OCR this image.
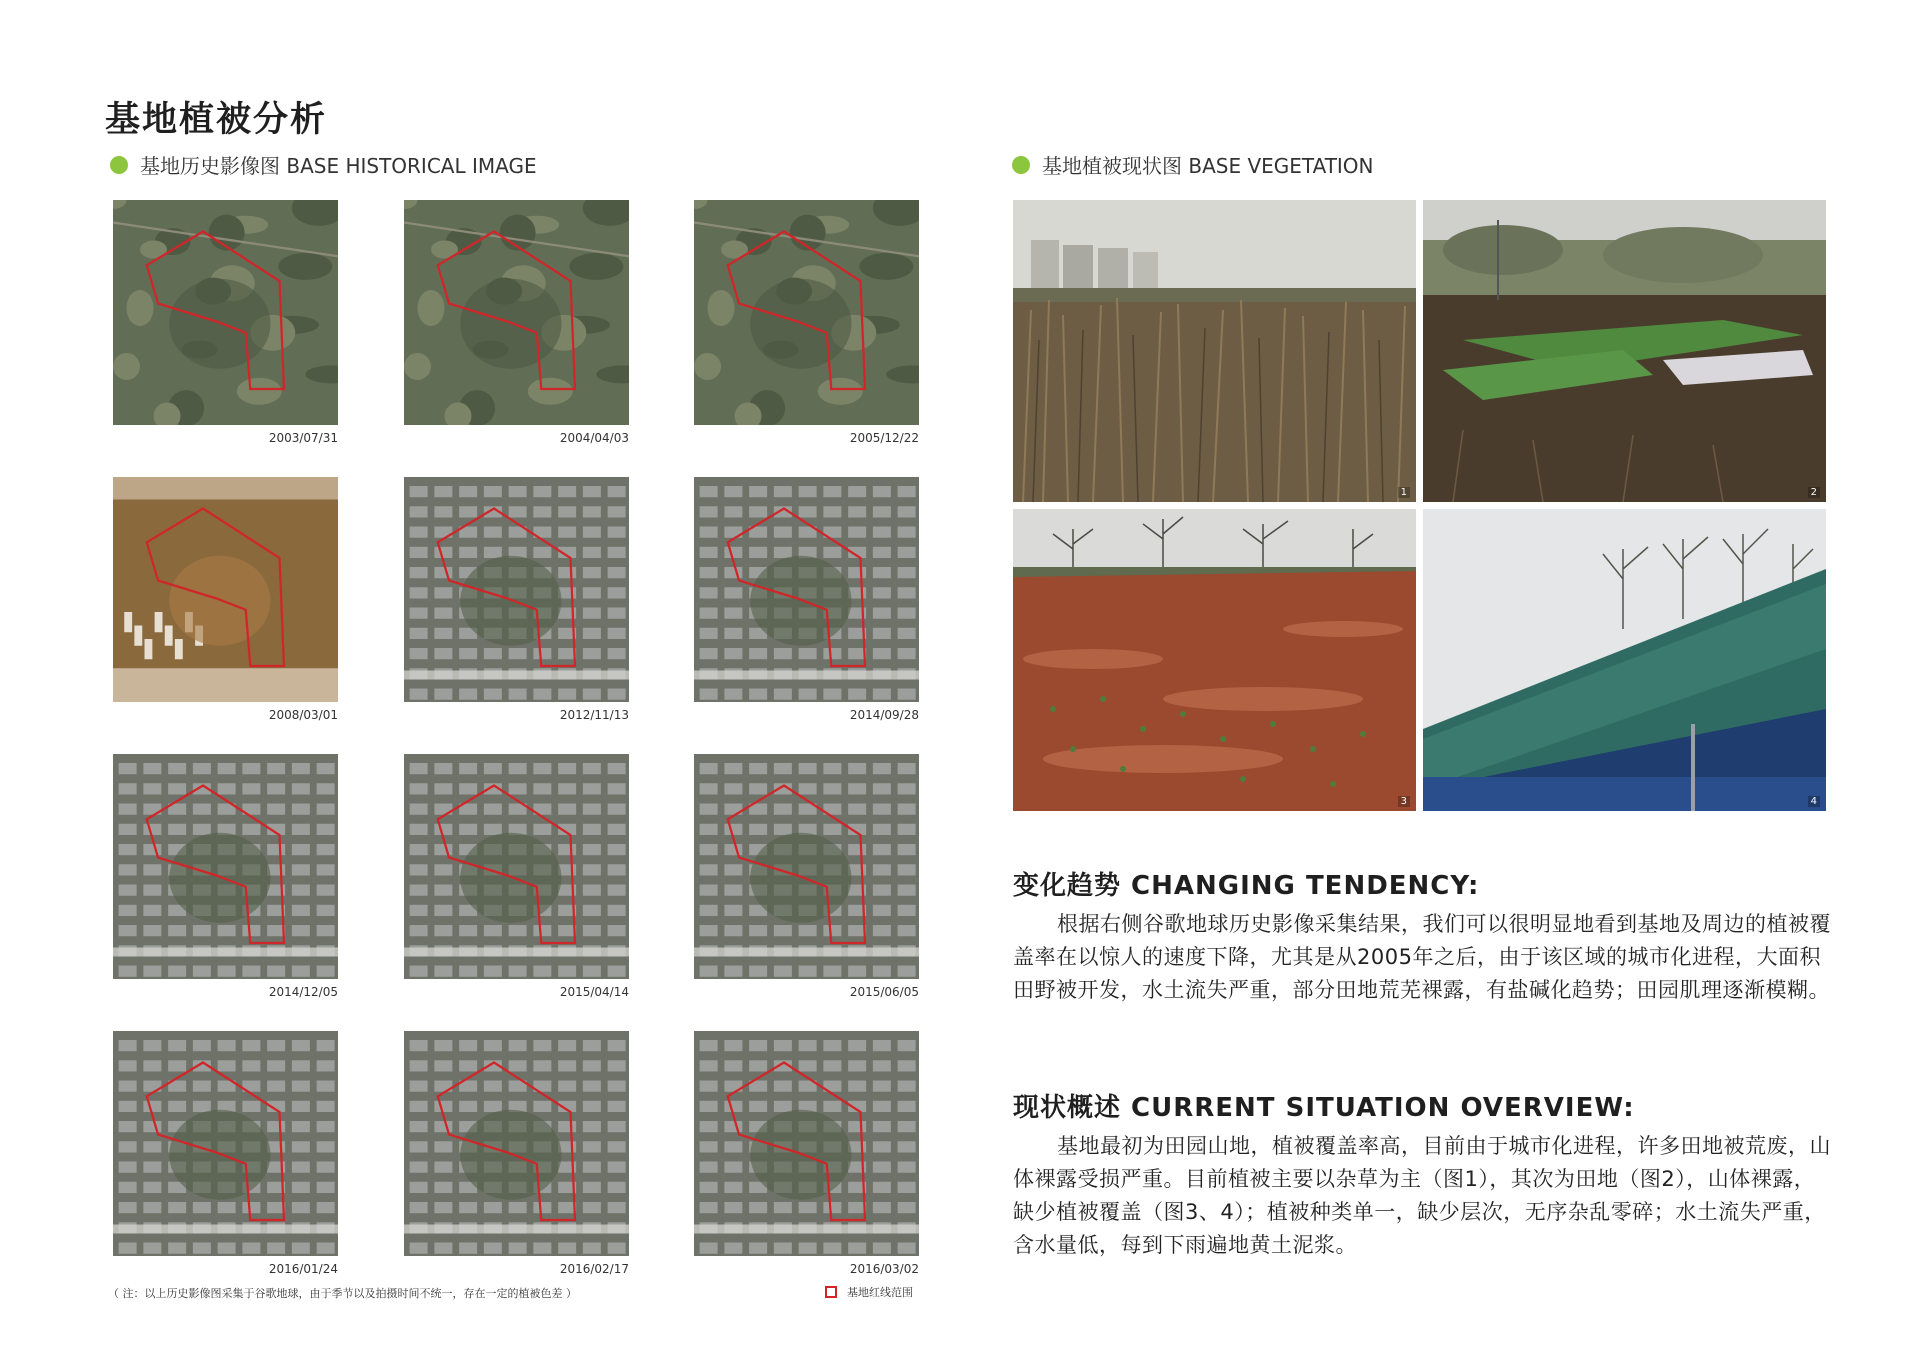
基地植被分析
基地历史影像图 BASE HISTORICAL IMAGE
2003/07/31	2004/04/03	2005/12/22
2008/03/01	2012/11/13	2014/09/28
2014/12/05	2015/04/14	2015/06/05
2016/01/24	2016/02/17	2016/03/02
（ 注：以上历史影像图采集于谷歌地球，由于季节以及拍摄时间不统一，存在一定的植被色差 ）	基地红线范围
基地植被现状图 BASE VEGETATION
1	2
3	4
变化趋势 CHANGING TENDENCY:
根据右侧谷歌地球历史影像采集结果，我们可以很明显地看到基地及周边的植被覆盖率在以惊人的速度下降，尤其是从2005年之后，由于该区域的城市化进程，大面积田野被开发，水土流失严重，部分田地荒芜裸露，有盐碱化趋势；田园肌理逐渐模糊。
现状概述 CURRENT SITUATION OVERVIEW:
基地最初为田园山地，植被覆盖率高，目前由于城市化进程，许多田地被荒废，山体裸露受损严重。目前植被主要以杂草为主（图1），其次为田地（图2），山体裸露，缺少植被覆盖（图3、4）；植被种类单一，缺少层次，无序杂乱零碎；水土流失严重，含水量低，每到下雨遍地黄土泥浆。
